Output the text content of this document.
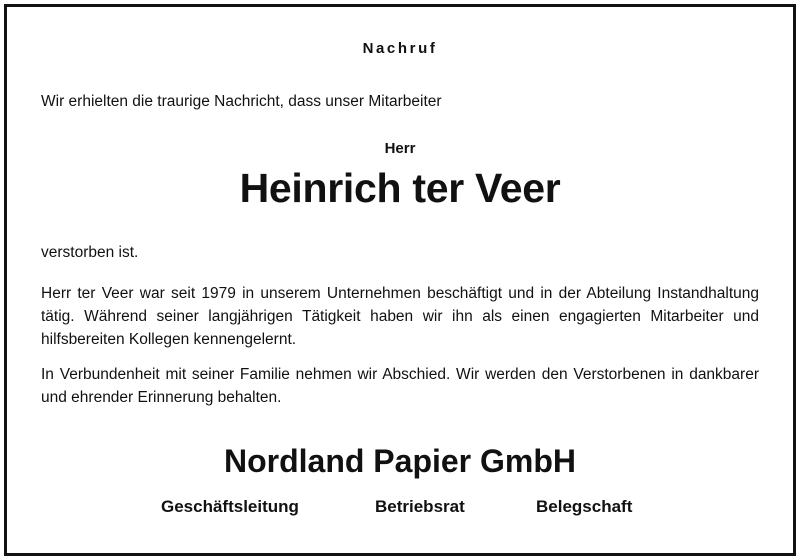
Nachruf
Wir erhielten die traurige Nachricht, dass unser Mitarbeiter
Herr
Heinrich ter Veer
verstorben ist.
Herr ter Veer war seit 1979 in unserem Unternehmen beschäftigt und in der Abteilung Instandhaltung tätig. Während seiner langjährigen Tätigkeit haben wir ihn als einen engagierten Mitarbeiter und hilfsbereiten Kollegen kennengelernt.
In Verbundenheit mit seiner Familie nehmen wir Abschied. Wir werden den Verstorbenen in dankbarer und ehrender Erinnerung behalten.
Nordland Papier GmbH
Geschäftsleitung	Betriebsrat	Belegschaft
